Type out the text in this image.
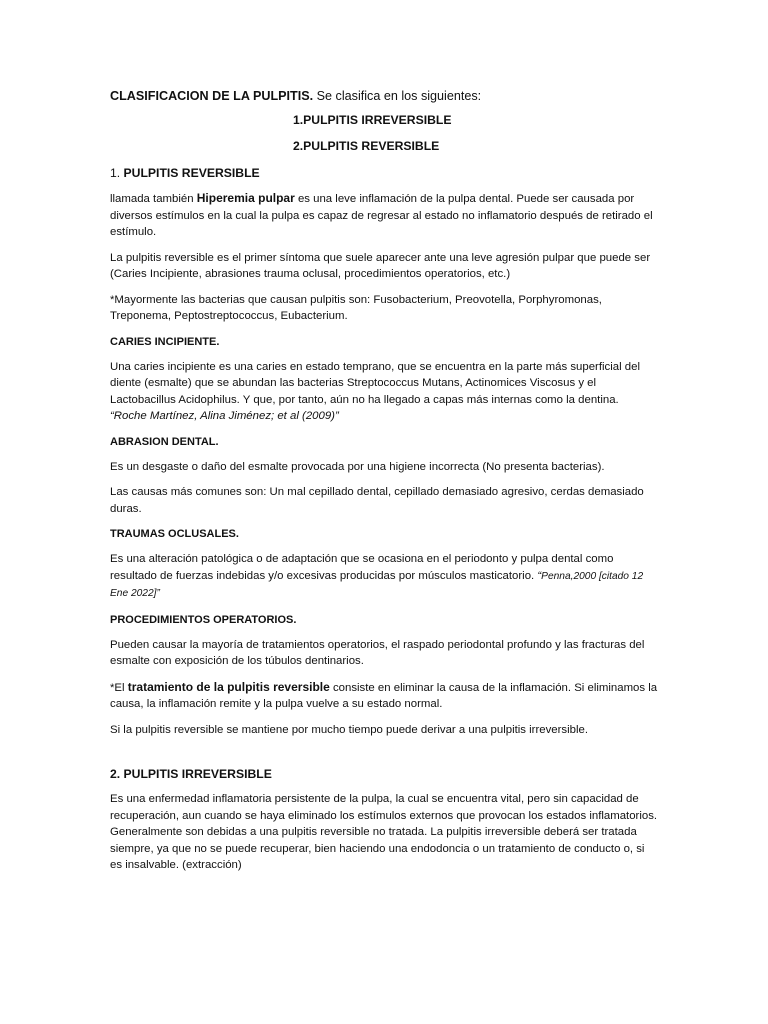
CLASIFICACION DE LA PULPITIS. Se clasifica en los siguientes:

1.PULPITIS IRREVERSIBLE

2.PULPITIS REVERSIBLE

1. PULPITIS REVERSIBLE

llamada también Hiperemia pulpar es una leve inflamación de la pulpa dental. Puede ser causada por diversos estímulos en la cual la pulpa es capaz de regresar al estado no inflamatorio después de retirado el estímulo.

La pulpitis reversible es el primer síntoma que suele aparecer ante una leve agresión pulpar que puede ser (Caries Incipiente, abrasiones trauma oclusal, procedimientos operatorios, etc.)

*Mayormente las bacterias que causan pulpitis son: Fusobacterium, Preovotella, Porphyromonas, Treponema, Peptostreptococcus, Eubacterium.

CARIES INCIPIENTE.

Una caries incipiente es una caries en estado temprano, que se encuentra en la parte más superficial del diente (esmalte) que se abundan las bacterias Streptococcus Mutans, Actinomices Viscosus y el Lactobacillus Acidophilus. Y que, por tanto, aún no ha llegado a capas más internas como la dentina.

“Roche Martínez, Alina Jiménez; et al (2009)”

ABRASION DENTAL.

Es un desgaste o daño del esmalte provocada por una higiene incorrecta (No presenta bacterias).

Las causas más comunes son: Un mal cepillado dental, cepillado demasiado agresivo, cerdas demasiado duras.

TRAUMAS OCLUSALES.

Es una alteración patológica o de adaptación que se ocasiona en el periodonto y pulpa dental como resultado de fuerzas indebidas y/o excesivas producidas por músculos masticatorio. “Penna,2000 [citado 12 Ene 2022]”

PROCEDIMIENTOS OPERATORIOS.

Pueden causar la mayoría de tratamientos operatorios, el raspado periodontal profundo y las fracturas del esmalte con exposición de los túbulos dentinarios.

*El tratamiento de la pulpitis reversible consiste en eliminar la causa de la inflamación. Si eliminamos la causa, la inflamación remite y la pulpa vuelve a su estado normal.

Si la pulpitis reversible se mantiene por mucho tiempo puede derivar a una pulpitis irreversible.

2. PULPITIS IRREVERSIBLE

Es una enfermedad inflamatoria persistente de la pulpa, la cual se encuentra vital, pero sin capacidad de recuperación, aun cuando se haya eliminado los estímulos externos que provocan los estados inflamatorios. Generalmente son debidas a una pulpitis reversible no tratada. La pulpitis irreversible deberá ser tratada siempre, ya que no se puede recuperar, bien haciendo una endodoncia o un tratamiento de conducto o, si es insalvable. (extracción)
